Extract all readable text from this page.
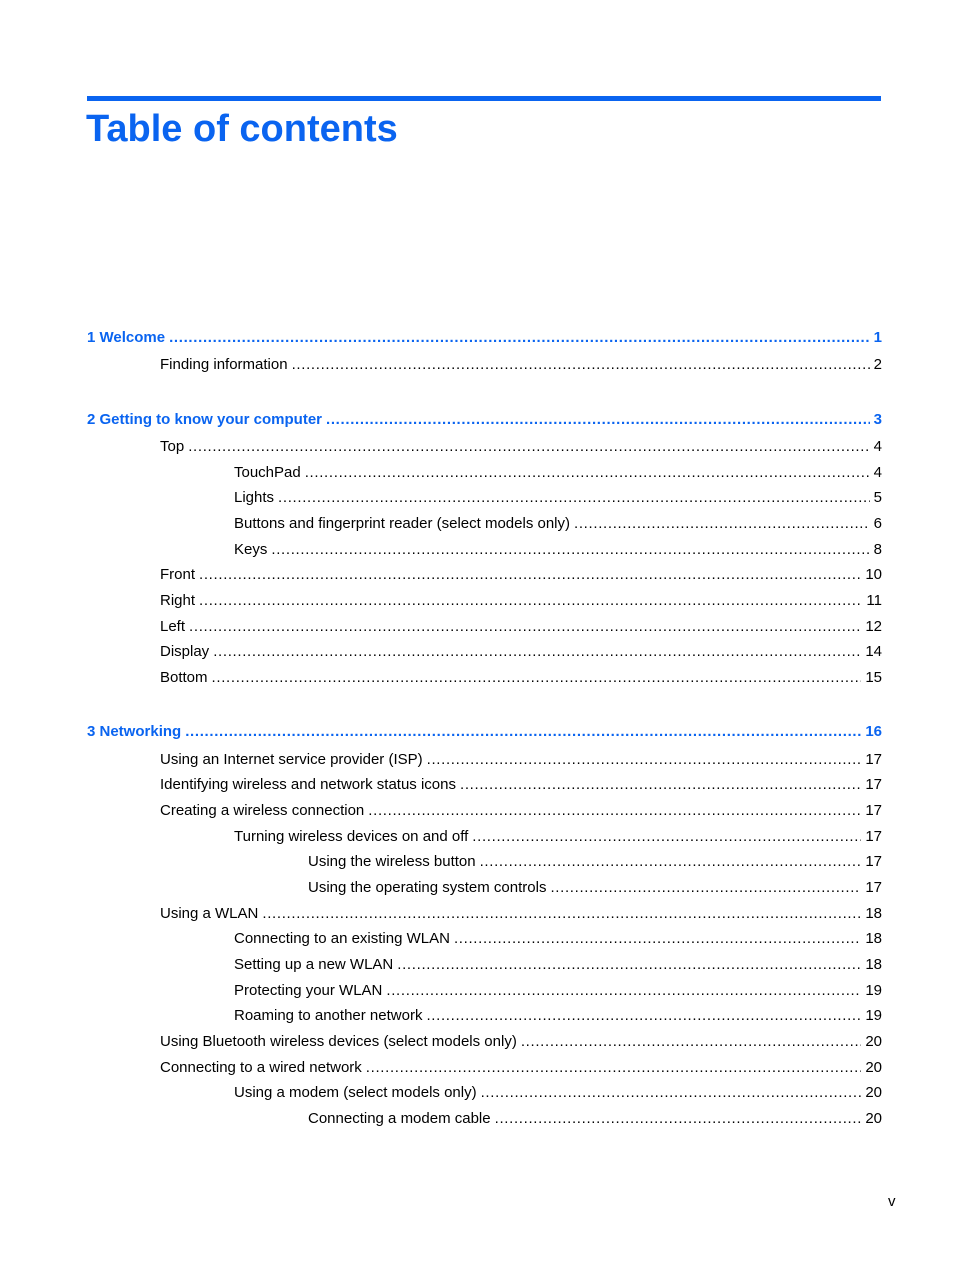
Table of contents
1 Welcome . . .	1
Finding information . . .	2
2 Getting to know your computer . . .	3
Top . . .	4
TouchPad . . .	4
Lights . . .	5
Buttons and fingerprint reader (select models only) . . .	6
Keys . . .	8
Front . . .	10
Right . . .	11
Left . . .	12
Display . . .	14
Bottom . . .	15
3 Networking . . .	16
Using an Internet service provider (ISP) . . .	17
Identifying wireless and network status icons . . .	17
Creating a wireless connection . . .	17
Turning wireless devices on and off . . .	17
Using the wireless button . . .	17
Using the operating system controls . . .	17
Using a WLAN . . .	18
Connecting to an existing WLAN . . .	18
Setting up a new WLAN . . .	18
Protecting your WLAN . . .	19
Roaming to another network . . .	19
Using Bluetooth wireless devices (select models only) . . .	20
Connecting to a wired network . . .	20
Using a modem (select models only) . . .	20
Connecting a modem cable . . .	20
v
